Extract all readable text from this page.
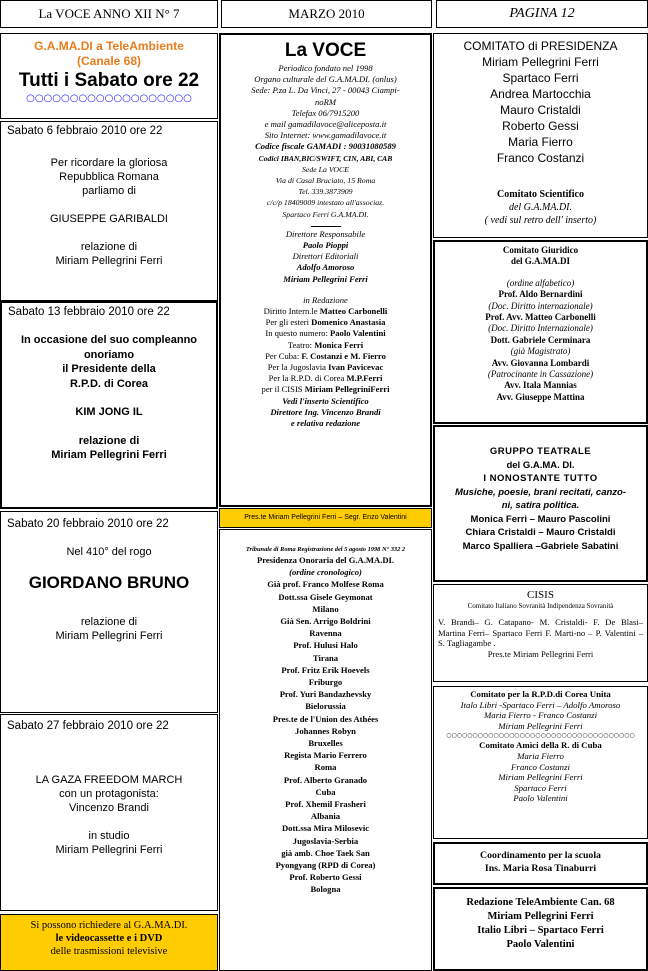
La VOCE ANNO XII N° 7	MARZO 2010	PAGINA 12
G.A.MA.DI a TeleAmbiente
(Canale 68)
Tutti i Sabato ore 22
○○○○○○○○○○○○○○○○○○○
Sabato 6 febbraio 2010 ore 22
Per ricordare la gloriosa
Repubblica Romana
parliamo di
GIUSEPPE GARIBALDI
relazione di
Miriam Pellegrini Ferri
Sabato 13 febbraio 2010 ore 22
In occasione del suo compleanno
onoriamo
il Presidente della
R.P.D. di Corea
KIM JONG IL
relazione di
Miriam Pellegrini Ferri
Sabato 20 febbraio 2010 ore 22
Nel 410° del rogo
GIORDANO BRUNO
relazione di
Miriam Pellegrini Ferri
Sabato 27 febbraio 2010 ore 22
LA GAZA FREEDOM MARCH
con un protagonista:
Vincenzo Brandi
in studio
Miriam Pellegrini Ferri
Si possono richiedere al G.A.MA.DI.
le videocassette e i DVD
delle trasmissioni televisive
La VOCE
Periodico fondato nel 1998
Organo culturale del G.A.MA.DI. (onlus)
Sede: P.za L. Da Vinci, 27 - 00043 Ciampi-
noRM
Telefax 06/7915200
e mail gamadilavoce@aliceposta.it
Sito Internet: www.gamadilavoce.it
Codice fiscale GAMADI : 90031080589
Codici IBAN,BIC/SWIFT, CIN, ABI, CAB
Sede La VOCE
Via di Casal Bruciato, 15 Roma
Tel. 339.3873909
c/c/p 18409009 intestato all'associaz.
Spartaco Ferri G.A.MA.DI.
Direttore Responsabile
Paolo Pioppi
Direttori Editoriali
Adolfo Amoroso
Miriam Pellegrini Ferri
in Redazione
Diritto Intern.le Matteo Carbonelli
Per gli esteri Domenico Anastasia
In questo numero: Paolo Valentini
Teatro: Monica Ferri
Per Cuba: F. Costanzi e M. Fierro
Per la Jugoslavia Ivan Pavicevac
Per la R.P.D. di Corea M.P.Ferri
per il CISIS Miriam PellegriniFerri
Vedi l'inserto Scientifico
Direttore Ing. Vincenzo Brandi
e relativa redazione
Pres.te Miriam Pellegrini Ferri – Segr. Enzo Valentini
Tribunale di Roma Registrazione del 5 agosto 1998 N° 332 2
Presidenza Onoraria del G.A.MA.DI.
(ordine cronologico)
Già prof. Franco Molfese Roma
Dott.ssa Gisele Geymonat
Milano
Già Sen. Arrigo Boldrini
Ravenna
Prof. Hulusi Halo
Tirana
Prof. Fritz Erik Hoevels
Friburgo
Prof. Yuri Bandazhevsky
Bielorussia
Pres.te de l'Union des Athées
Johannes Robyn
Bruxelles
Regista Mario Ferrero
Roma
Prof. Alberto Granado
Cuba
Prof. Xhemil Frasheri
Albania
Dott.ssa Mira Milosevic
Jugoslavia-Serbia
già amb. Choe Taek San
Pyongyang (RPD di Corea)
Prof. Roberto Gessi
Bologna
COMITATO di PRESIDENZA
Miriam Pellegrini Ferri
Spartaco Ferri
Andrea Martocchia
Mauro Cristaldi
Roberto Gessi
Maria Fierro
Franco Costanzi
Comitato Scientifico
del G.A.MA.DI.
( vedi sul retro dell' inserto)
Comitato Giuridico
del G.A.MA.DI
(ordine alfabetico)
Prof. Aldo Bernardini
(Doc. Diritto internazionale)
Prof. Avv. Matteo Carbonelli
(Doc. Diritto Internazionale)
Dott. Gabriele Cerminara
(già Magistrato)
Avv. Giovanna Lombardi
(Patrocinante in Cassazione)
Avv. Itala Mannias
Avv. Giuseppe Mattina
GRUPPO TEATRALE
del G.A.MA. DI.
I NONOSTANTE TUTTO
Musiche, poesie, brani recitati, canzo-
ni, satira politica.
Monica Ferri – Mauro Pascolini
Chiara Cristaldi – Mauro Cristaldi
Marco Spalliera –Gabriele Sabatini
CISIS
Comitato Italiano Sovranità Indipendenza Sovranità
V. Brandi– G. Catapano- M. Cristaldi- F. De Blasi– Martina Ferri– Spartaco Ferri F. Marti-no – P. Valentini – S. Tagliagambe .
Pres.te Miriam Pellegrini Ferri
Comitato per la R.P.D.di Corea Unita
Italo Libri -Spartaco Ferri – Adolfo Amoroso
Maria Fierro - Franco Costanzi
Miriam Pellegrini Ferri
○○○○○○○○○○○○○○○○○○○○○○○○○○○○○○○○○○○○
Comitato Amici della R. di Cuba
Maria Fierro
Franco Costanzi
Miriam Pellegrini Ferri
Spartaco Ferri
Paolo Valentini
Coordinamento per la scuola
Ins. Maria Rosa Tinaburri
Redazione TeleAmbiente Can. 68
Miriam Pellegrini Ferri
Italio Libri – Spartaco Ferri
Paolo Valentini
